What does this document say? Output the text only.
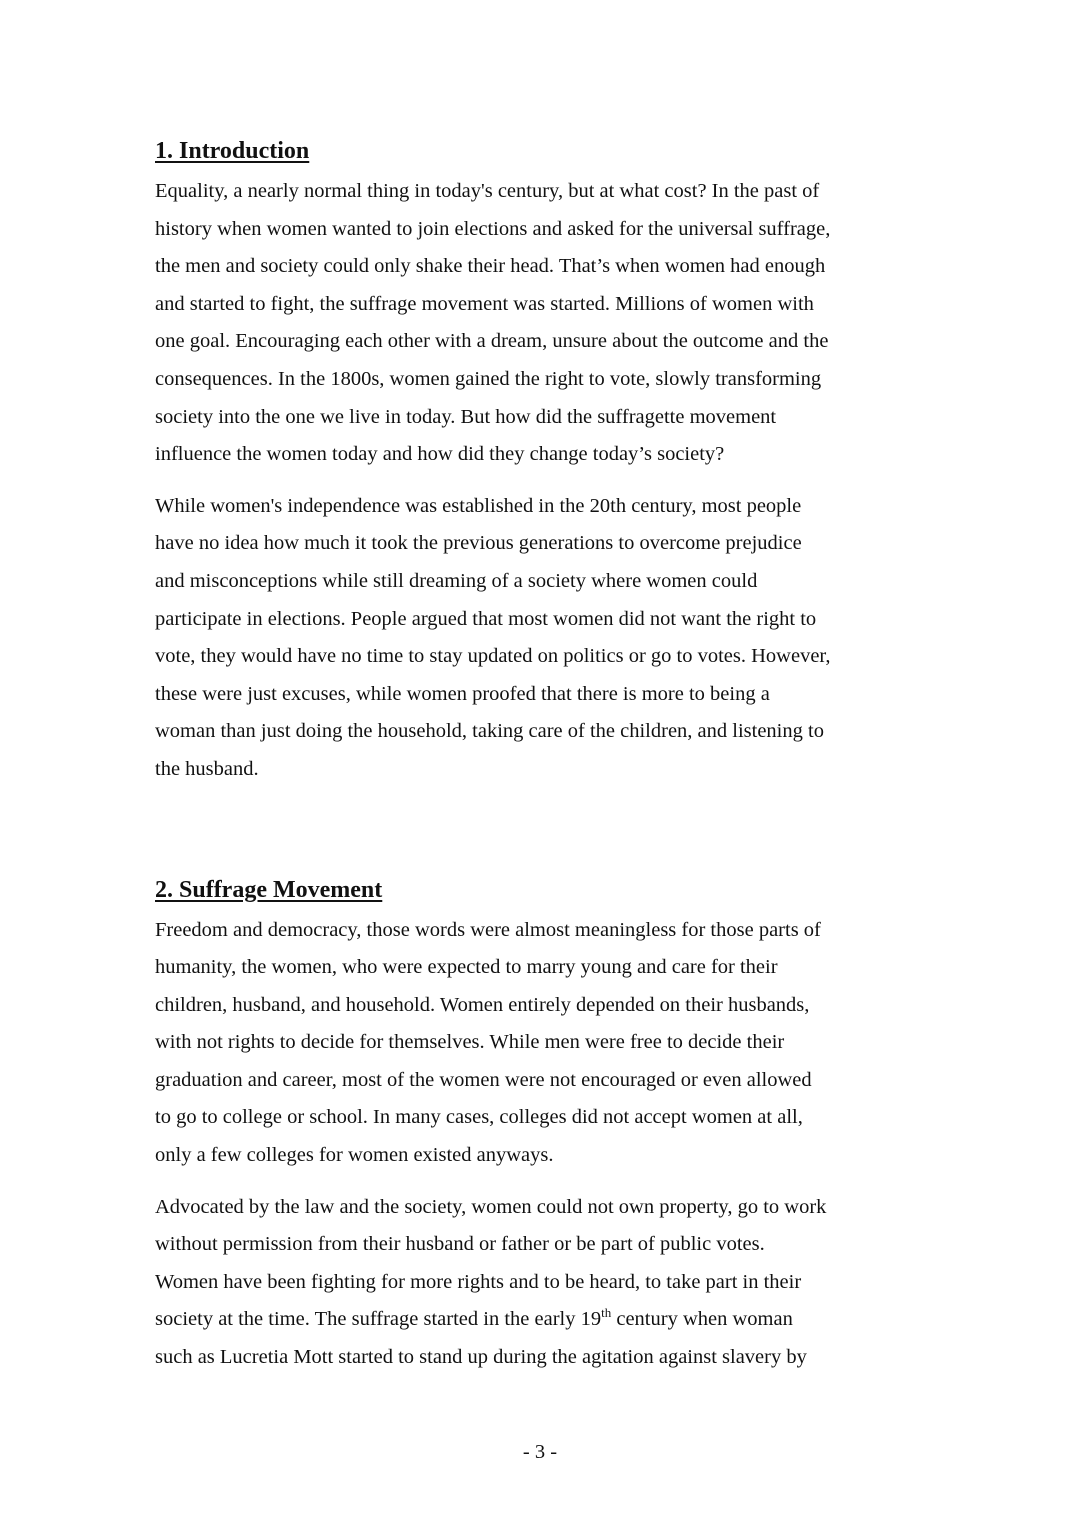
1. Introduction

Equality, a nearly normal thing in today's century, but at what cost? In the past of
history when women wanted to join elections and asked for the universal suffrage,
the men and society could only shake their head. That’s when women had enough
and started to fight, the suffrage movement was started. Millions of women with
one goal. Encouraging each other with a dream, unsure about the outcome and the
consequences. In the 1800s, women gained the right to vote, slowly transforming
society into the one we live in today. But how did the suffragette movement
influence the women today and how did they change today’s society?

While women's independence was established in the 20th century, most people
have no idea how much it took the previous generations to overcome prejudice
and misconceptions while still dreaming of a society where women could
participate in elections. People argued that most women did not want the right to
vote, they would have no time to stay updated on politics or go to votes. However,
these were just excuses, while women proofed that there is more to being a
woman than just doing the household, taking care of the children, and listening to
the husband.

2. Suffrage Movement

Freedom and democracy, those words were almost meaningless for those parts of
humanity, the women, who were expected to marry young and care for their
children, husband, and household. Women entirely depended on their husbands,
with not rights to decide for themselves. While men were free to decide their
graduation and career, most of the women were not encouraged or even allowed
to go to college or school. In many cases, colleges did not accept women at all,
only a few colleges for women existed anyways.

Advocated by the law and the society, women could not own property, go to work
without permission from their husband or father or be part of public votes.
Women have been fighting for more rights and to be heard, to take part in their
society at the time. The suffrage started in the early 19th century when woman
such as Lucretia Mott started to stand up during the agitation against slavery by

- 3 -
